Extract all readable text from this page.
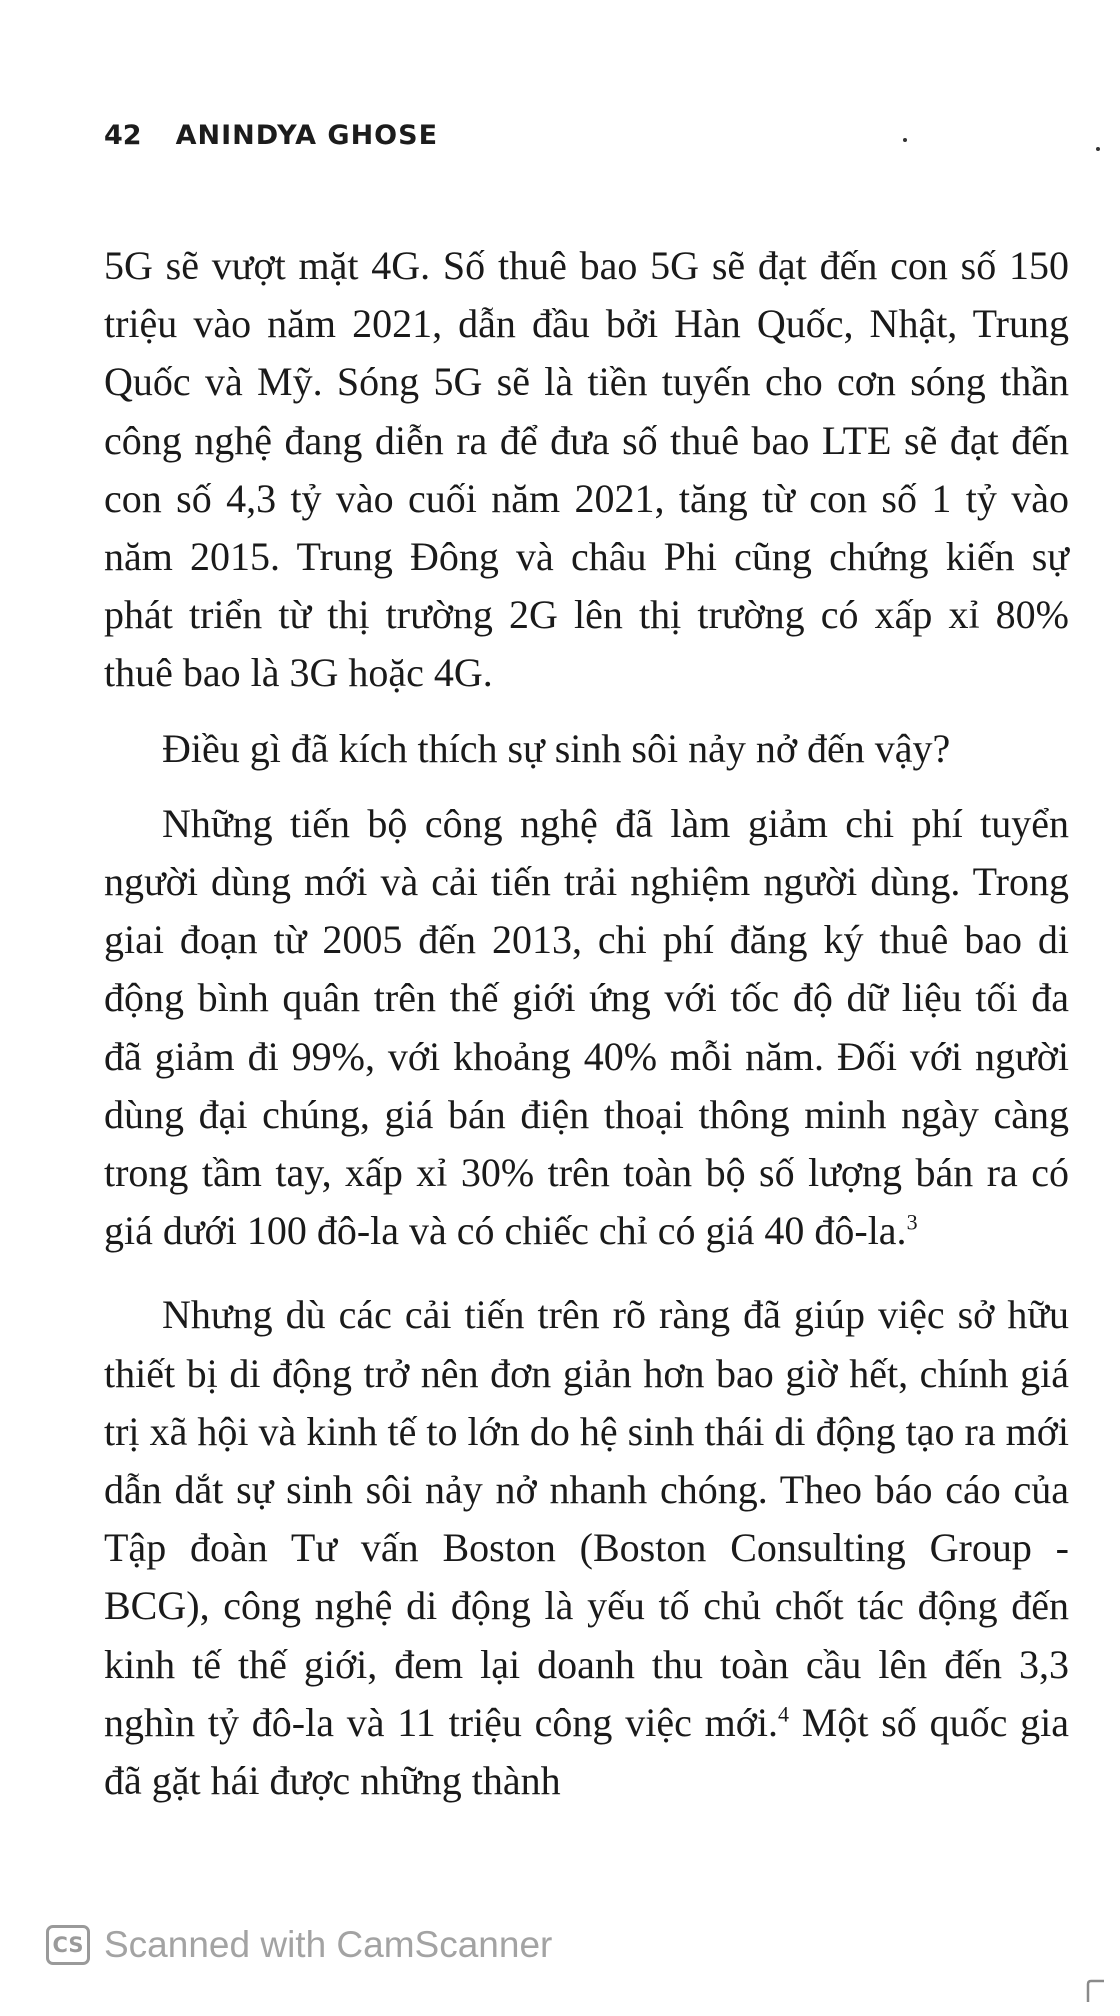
42 ANINDYA GHOSE

5G sẽ vượt mặt 4G. Số thuê bao 5G sẽ đạt đến con số 150 triệu vào năm 2021, dẫn đầu bởi Hàn Quốc, Nhật, Trung Quốc và Mỹ. Sóng 5G sẽ là tiền tuyến cho cơn sóng thần công nghệ đang diễn ra để đưa số thuê bao LTE sẽ đạt đến con số 4,3 tỷ vào cuối năm 2021, tăng từ con số 1 tỷ vào năm 2015. Trung Đông và châu Phi cũng chứng kiến sự phát triển từ thị trường 2G lên thị trường có xấp xỉ 80% thuê bao là 3G hoặc 4G.

Điều gì đã kích thích sự sinh sôi nảy nở đến vậy?

Những tiến bộ công nghệ đã làm giảm chi phí tuyển người dùng mới và cải tiến trải nghiệm người dùng. Trong giai đoạn từ 2005 đến 2013, chi phí đăng ký thuê bao di động bình quân trên thế giới ứng với tốc độ dữ liệu tối đa đã giảm đi 99%, với khoảng 40% mỗi năm. Đối với người dùng đại chúng, giá bán điện thoại thông minh ngày càng trong tầm tay, xấp xỉ 30% trên toàn bộ số lượng bán ra có giá dưới 100 đô-la và có chiếc chỉ có giá 40 đô-la.$^3$

Nhưng dù các cải tiến trên rõ ràng đã giúp việc sở hữu thiết bị di động trở nên đơn giản hơn bao giờ hết, chính giá trị xã hội và kinh tế to lớn do hệ sinh thái di động tạo ra mới dẫn dắt sự sinh sôi nảy nở nhanh chóng. Theo báo cáo của Tập đoàn Tư vấn Boston (Boston Consulting Group - BCG), công nghệ di động là yếu tố chủ chốt tác động đến kinh tế thế giới, đem lại doanh thu toàn cầu lên đến 3,3 nghìn tỷ đô-la và 11 triệu công việc mới.$^4$ Một số quốc gia đã gặt hái được những thành

CS Scanned with CamScanner
